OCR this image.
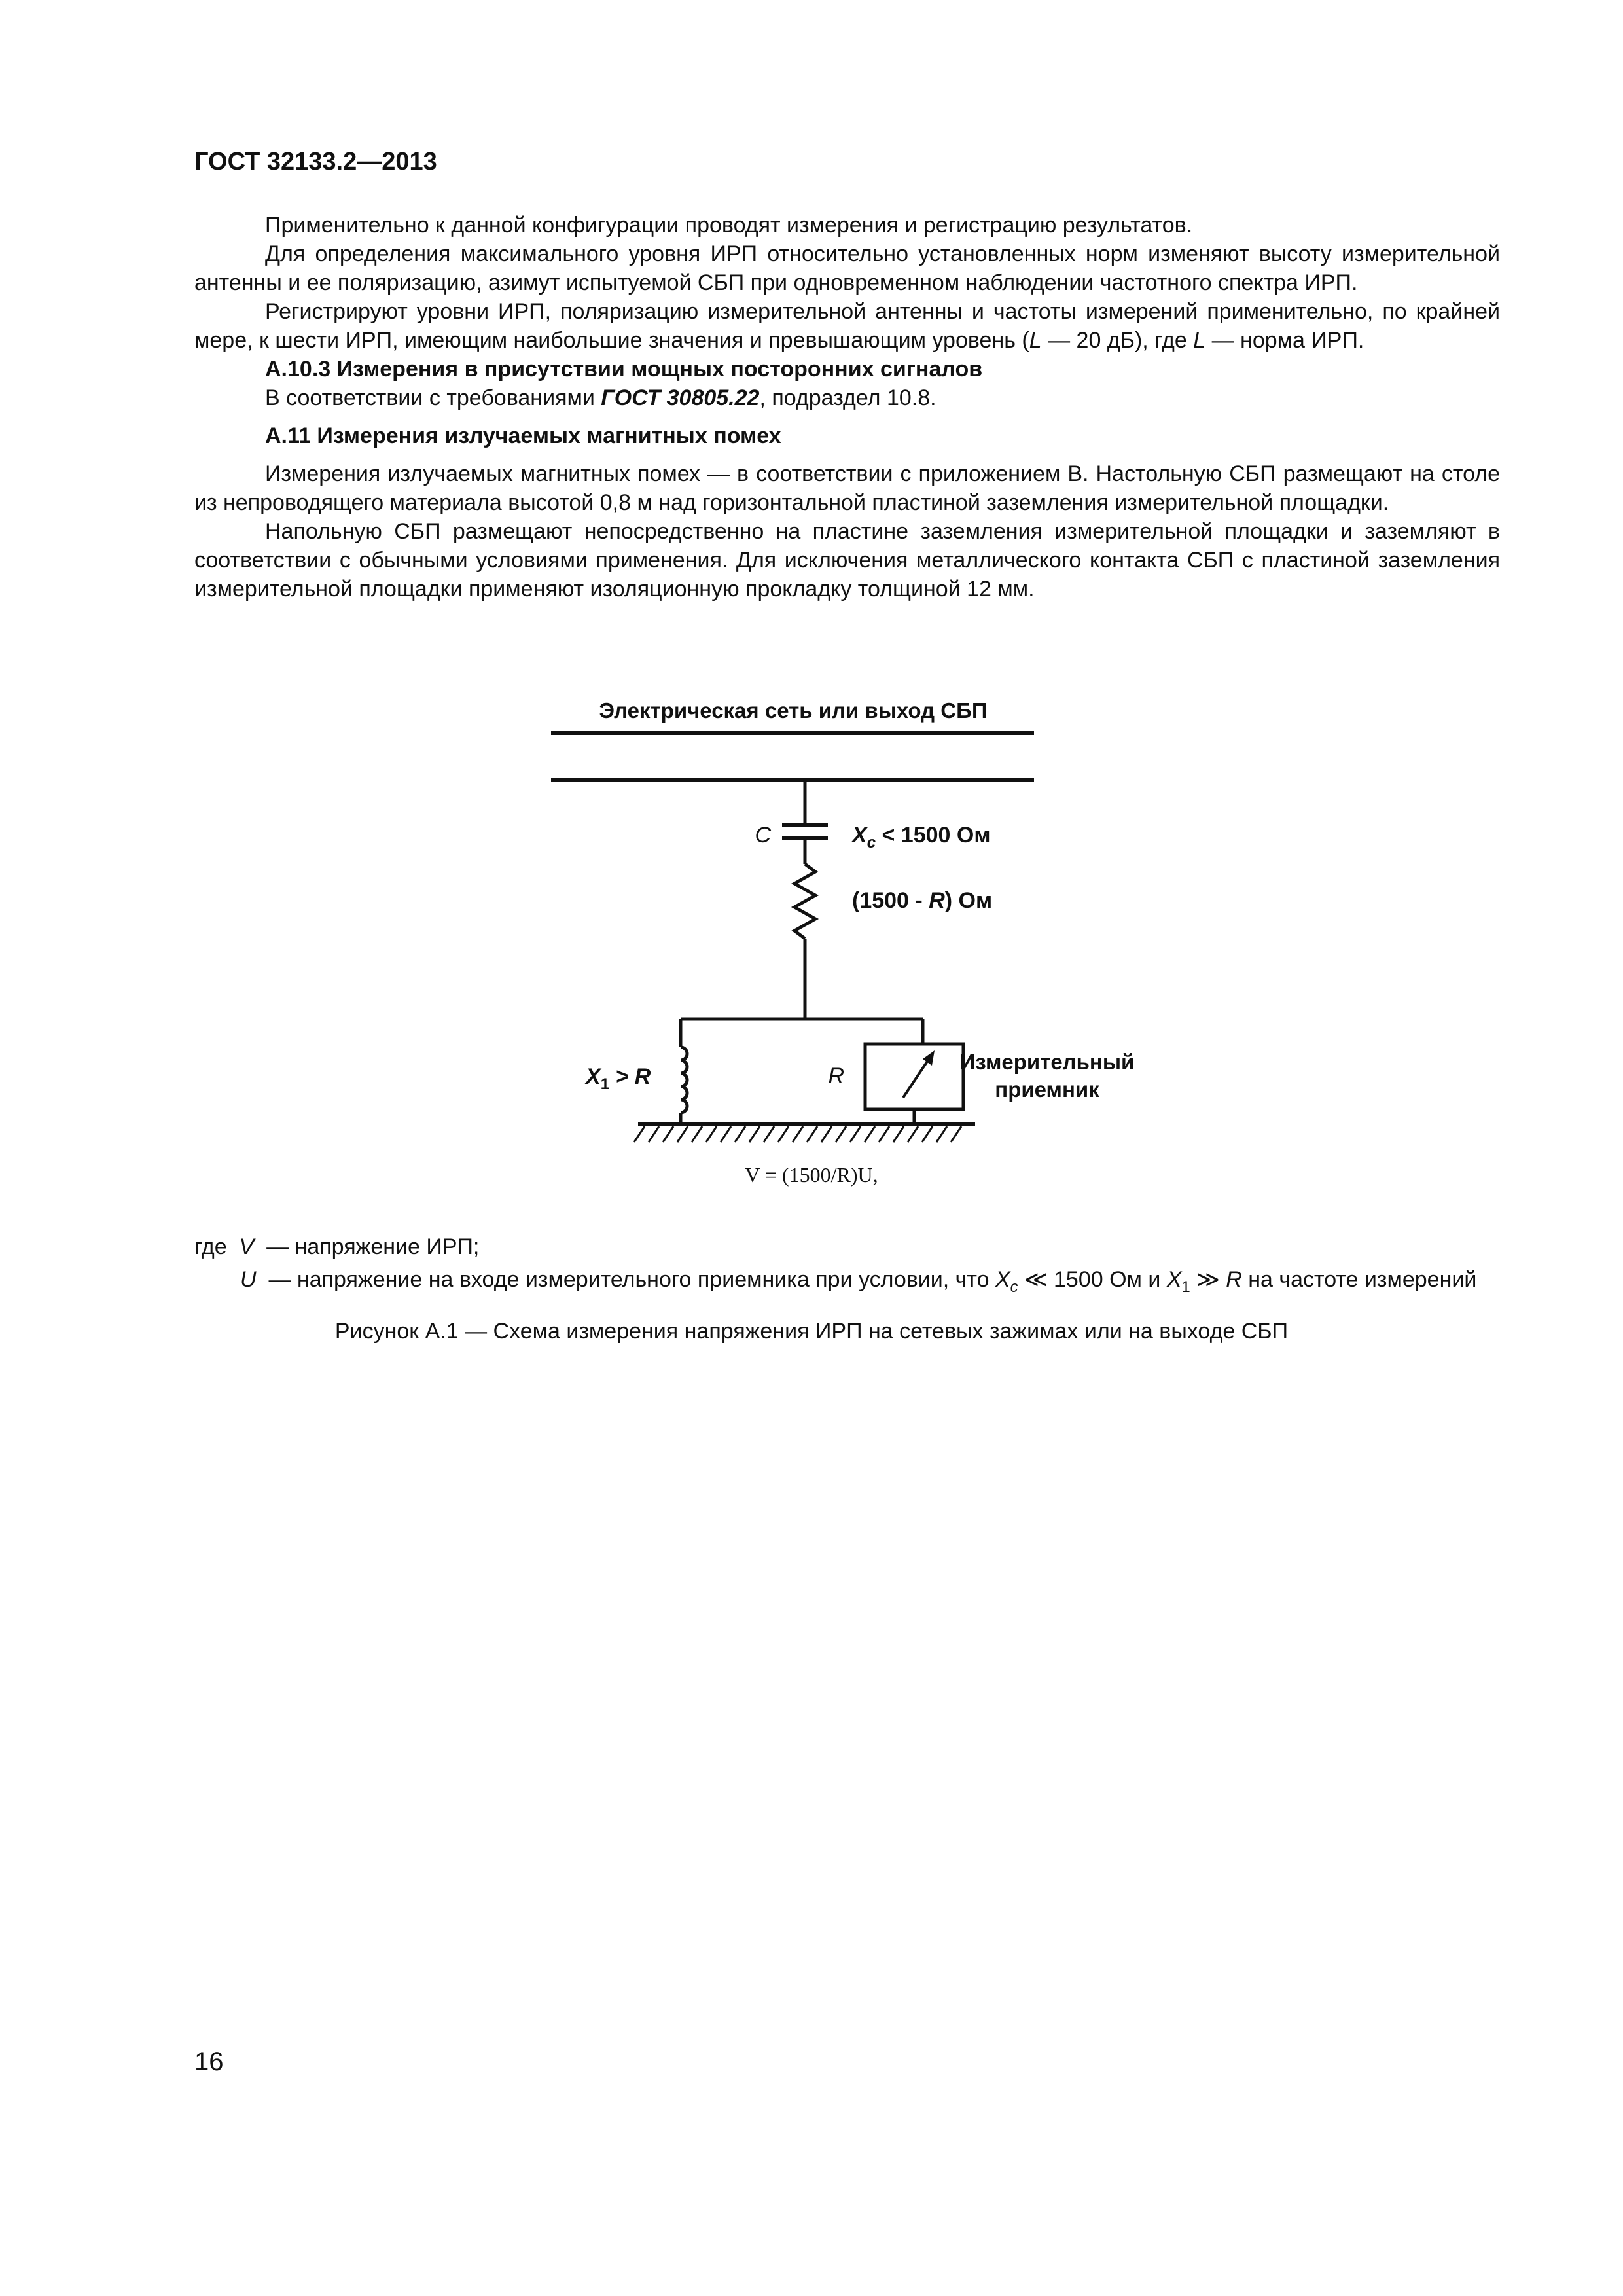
ГОСТ 32133.2—2013

Применительно к данной конфигурации проводят измерения и регистрацию результатов.

Для определения максимального уровня ИРП относительно установленных норм изменяют высоту измерительной антенны и ее поляризацию, азимут испытуемой СБП при одновременном наблюдении частотного спектра ИРП.

Регистрируют уровни ИРП, поляризацию измерительной антенны и частоты измерений применительно, по крайней мере, к шести ИРП, имеющим наибольшие значения и превышающим уровень (L — 20 дБ), где L — норма ИРП.

А.10.3 Измерения в присутствии мощных посторонних сигналов

В соответствии с требованиями ГОСТ 30805.22, подраздел 10.8.

А.11 Измерения излучаемых магнитных помех

Измерения излучаемых магнитных помех — в соответствии с приложением В. Настольную СБП размещают на столе из непроводящего материала высотой 0,8 м над горизонтальной пластиной заземления измерительной площадки.

Напольную СБП размещают непосредственно на пластине заземления измерительной площадки и заземляют в соответствии с обычными условиями применения. Для исключения металлического контакта СБП с пластиной заземления измерительной площадки применяют изоляционную прокладку толщиной 12 мм.

Электрическая сеть или выход СБП
C	$X_c < 1500$ Ом
(1500 - R) Ом
$X_1 > R$	R
Измерительный
приемник
V = (1500/R)U,
где V — напряжение ИРП;
U — напряжение на входе измерительного приемника при условии, что $X_c$ ≪ 1500 Ом и $X_1$ ≫ R на частоте измерений
Рисунок А.1 — Схема измерения напряжения ИРП на сетевых зажимах или на выходе СБП
16
